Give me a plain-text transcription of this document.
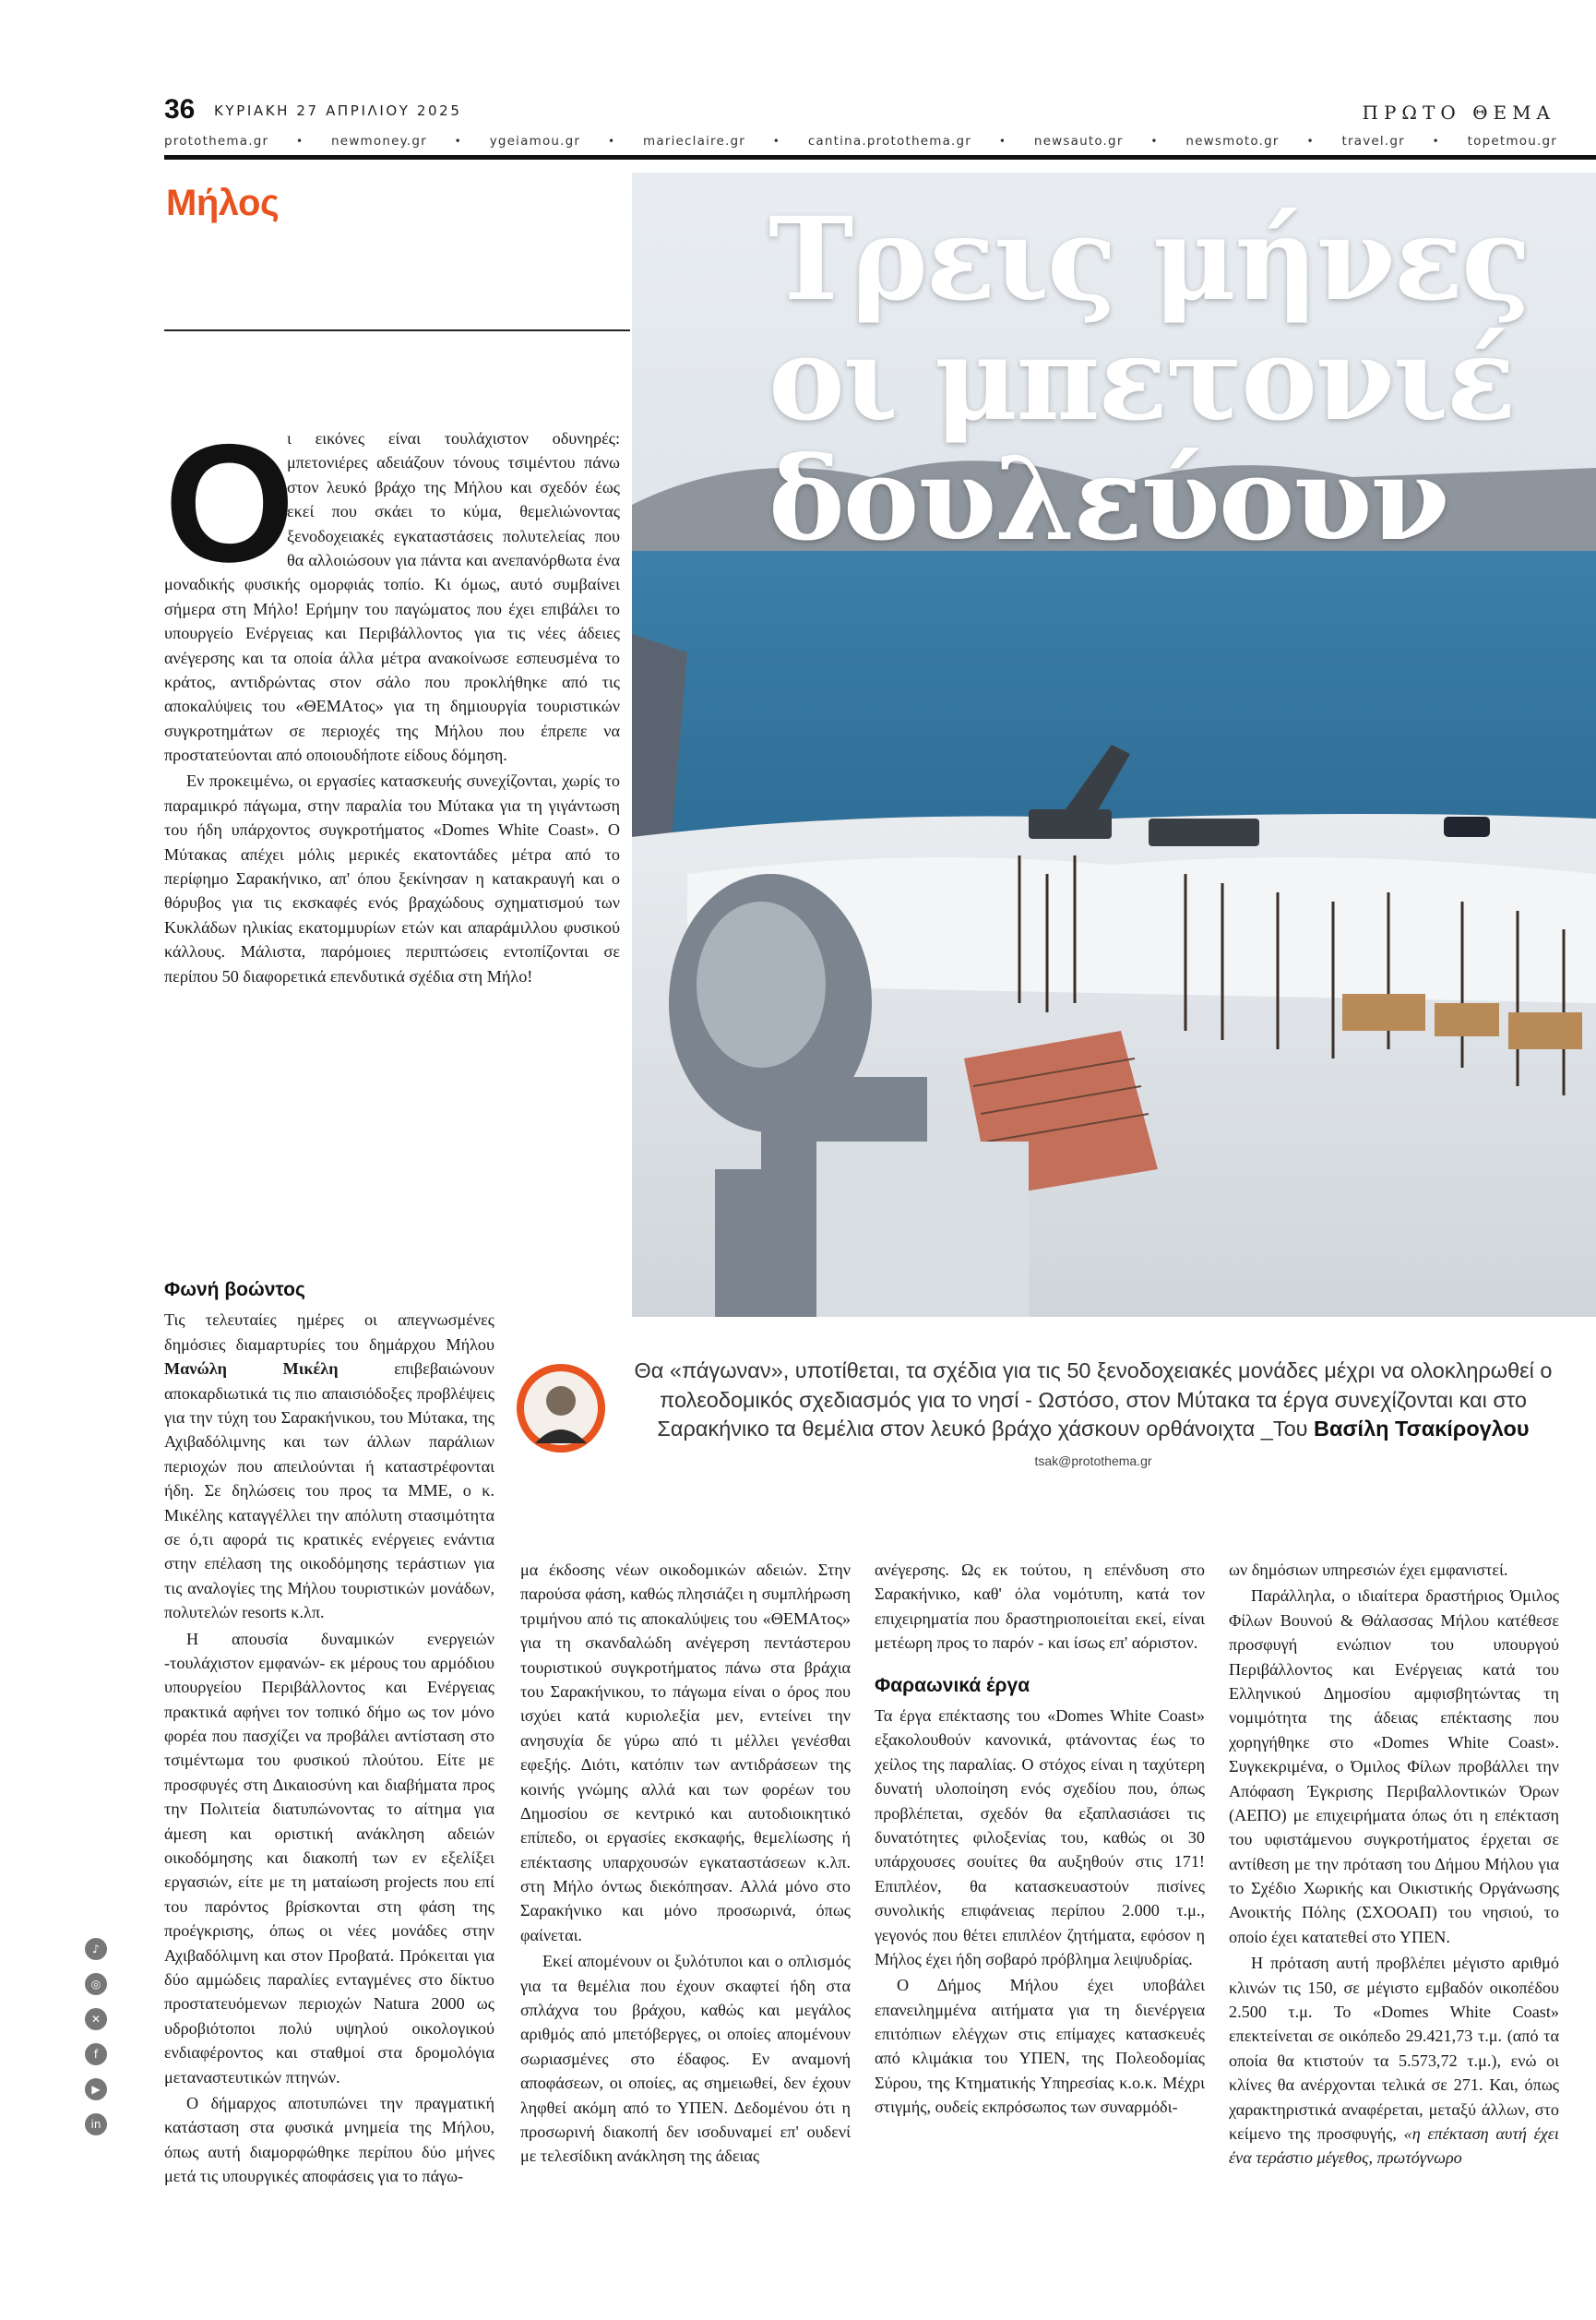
36 ΚΥΡΙΑΚΗ 27 ΑΠΡΙΛΙΟΥ 2025	ΠΡΩΤΟ ΘΕΜΑ
protothema.gr • newmoney.gr • ygeiamou.gr • marieclaire.gr • cantina.protothema.gr • newsauto.gr • newsmoto.gr • travel.gr • topetmou.gr
Μήλος	Τρεις μήνες
οι μπετονιέ
δουλεύουν
Θα «πάγωναν», υποτίθεται, τα σχέδια για τις 50 ξενοδοχειακές μονάδες μέχρι να ολοκληρωθεί ο πολεοδομικός σχεδιασμός για το νησί - Ωστόσο, στον Μύτακα τα έργα συνεχίζονται και στο Σαρακήνικο τα θεμέλια στον λευκό βράχο χάσκουν ορθάνοιχτα _Του Βασίλη Τσακίρογλου tsak@protothema.gr
Ο

ι εικόνες είναι τουλάχιστον οδυνηρές: μπετονιέρες αδειάζουν τόνους τσιμέντου πάνω στον λευκό βράχο της Μήλου και σχεδόν έως εκεί που σκάει το κύμα, θεμελιώνοντας ξενοδοχειακές εγκαταστάσεις πολυτελείας που θα αλλοιώσουν για πάντα και ανεπανόρθωτα ένα μοναδικής φυσικής ομορφιάς τοπίο. Κι όμως, αυτό συμβαίνει σήμερα στη Μήλο! Ερήμην του παγώματος που έχει επιβάλει το υπουργείο Ενέργειας και Περιβάλλοντος για τις νέες άδειες ανέγερσης και τα οποία άλλα μέτρα ανακοίνωσε εσπευσμένα το κράτος, αντιδρώντας στον σάλο που προκλήθηκε από τις αποκαλύψεις του «ΘΕΜΑτος» για τη δημιουργία τουριστικών συγκροτημάτων σε περιοχές της Μήλου που έπρεπε να προστατεύονται από οποιουδήποτε είδους δόμηση.

Εν προκειμένω, οι εργασίες κατασκευής συνεχίζονται, χωρίς το παραμικρό πάγωμα, στην παραλία του Μύτακα για τη γιγάντωση του ήδη υπάρχοντος συγκροτήματος «Domes White Coast». Ο Μύτακας απέχει μόλις μερικές εκατοντάδες μέτρα από το περίφημο Σαρακήνικο, απ' όπου ξεκίνησαν η κατακραυγή και ο θόρυβος για τις εκσκαφές ενός βραχώδους σχηματισμού των Κυκλάδων ηλικίας εκατομμυρίων ετών και απαράμιλλου φυσικού κάλλους. Μάλιστα, παρόμοιες περιπτώσεις εντοπίζονται σε περίπου 50 διαφορετικά επενδυτικά σχέδια στη Μήλο!

Φωνή βοώντος

Τις τελευταίες ημέρες οι απεγνωσμένες δημόσιες διαμαρτυρίες του δημάρχου Μήλου Μανώλη Μικέλη επιβεβαιώνουν αποκαρδιωτικά τις πιο απαισιόδοξες προβλέψεις για την τύχη του Σαρακήνικου, του Μύτακα, της Αχιβαδόλιμνης και των άλλων παράλιων περιοχών που απειλούνται ή καταστρέφονται ήδη. Σε δηλώσεις του προς τα ΜΜΕ, ο κ. Μικέλης καταγγέλλει την απόλυτη στασιμότητα σε ό,τι αφορά τις κρατικές ενέργειες ενάντια στην επέλαση της οικοδόμησης τεράστιων για τις αναλογίες της Μήλου τουριστικών μονάδων, πολυτελών resorts κ.λπ.

Η απουσία δυναμικών ενεργειών -τουλάχιστον εμφανών- εκ μέρους του αρμόδιου υπουργείου Περιβάλλοντος και Ενέργειας πρακτικά αφήνει τον τοπικό δήμο ως τον μόνο φορέα που πασχίζει να προβάλει αντίσταση στο τσιμέντωμα του φυσικού πλούτου. Είτε με προσφυγές στη Δικαιοσύνη και διαβήματα προς την Πολιτεία διατυπώνοντας το αίτημα για άμεση και οριστική ανάκληση αδειών οικοδόμησης και διακοπή των εν εξελίξει εργασιών, είτε με τη ματαίωση projects που επί του παρόντος βρίσκονται στη φάση της προέγκρισης, όπως οι νέες μονάδες στην Αχιβαδόλιμνη και στον Προβατά. Πρόκειται για δύο αμμώδεις παραλίες ενταγμένες στο δίκτυο προστατευόμενων περιοχών Natura 2000 ως υδροβιότοποι πολύ υψηλού οικολογικού ενδιαφέροντος και σταθμοί στα δρομολόγια μεταναστευτικών πτηνών.

Ο δήμαρχος αποτυπώνει την πραγματική κατάσταση στα φυσικά μνημεία της Μήλου, όπως αυτή διαμορφώθηκε περίπου δύο μήνες μετά τις υπουργικές αποφάσεις για το πάγω-

μα έκδοσης νέων οικοδομικών αδειών. Στην παρούσα φάση, καθώς πλησιάζει η συμπλήρωση τριμήνου από τις αποκαλύψεις του «ΘΕΜΑτος» για τη σκανδαλώδη ανέγερση πεντάστερου τουριστικού συγκροτήματος πάνω στα βράχια του Σαρακήνικου, το πάγωμα είναι ο όρος που ισχύει κατά κυριολεξία μεν, εντείνει την ανησυχία δε γύρω από τι μέλλει γενέσθαι εφεξής. Διότι, κατόπιν των αντιδράσεων της κοινής γνώμης αλλά και των φορέων του Δημοσίου σε κεντρικό και αυτοδιοικητικό επίπεδο, οι εργασίες εκσκαφής, θεμελίωσης ή επέκτασης υπαρχουσών εγκαταστάσεων κ.λπ. στη Μήλο όντως διεκόπησαν. Αλλά μόνο στο Σαρακήνικο και μόνο προσωρινά, όπως φαίνεται.

Εκεί απομένουν οι ξυλότυποι και ο οπλισμός για τα θεμέλια που έχουν σκαφτεί ήδη στα σπλάχνα του βράχου, καθώς και μεγάλος αριθμός από μπετόβεργες, οι οποίες απομένουν σωριασμένες στο έδαφος. Εν αναμονή αποφάσεων, οι οποίες, ας σημειωθεί, δεν έχουν ληφθεί ακόμη από το ΥΠΕΝ. Δεδομένου ότι η προσωρινή διακοπή δεν ισοδυναμεί επ' ουδενί με τελεσίδικη ανάκληση της άδειας

ανέγερσης. Ως εκ τούτου, η επένδυση στο Σαρακήνικο, καθ' όλα νομότυπη, κατά τον επιχειρηματία που δραστηριοποιείται εκεί, είναι μετέωρη προς το παρόν - και ίσως επ' αόριστον.

Φαραωνικά έργα

Τα έργα επέκτασης του «Domes White Coast» εξακολουθούν κανονικά, φτάνοντας έως το χείλος της παραλίας. Ο στόχος είναι η ταχύτερη δυνατή υλοποίηση ενός σχεδίου που, όπως προβλέπεται, σχεδόν θα εξαπλασιάσει τις δυνατότητες φιλοξενίας του, καθώς οι 30 υπάρχουσες σουίτες θα αυξηθούν στις 171! Επιπλέον, θα κατασκευαστούν πισίνες συνολικής επιφάνειας περίπου 2.000 τ.μ., γεγονός που θέτει επιπλέον ζητήματα, εφόσον η Μήλος έχει ήδη σοβαρό πρόβλημα λειψυδρίας.

Ο Δήμος Μήλου έχει υποβάλει επανειλημμένα αιτήματα για τη διενέργεια επιτόπιων ελέγχων στις επίμαχες κατασκευές από κλιμάκια του ΥΠΕΝ, της Πολεοδομίας Σύρου, της Κτηματικής Υπηρεσίας κ.ο.κ. Μέχρι στιγμής, ουδείς εκπρόσωπος των συναρμόδι-

ων δημόσιων υπηρεσιών έχει εμφανιστεί.

Παράλληλα, ο ιδιαίτερα δραστήριος Όμιλος Φίλων Βουνού & Θάλασσας Μήλου κατέθεσε προσφυγή ενώπιον του υπουργού Περιβάλλοντος και Ενέργειας κατά του Ελληνικού Δημοσίου αμφισβητώντας τη νομιμότητα της άδειας επέκτασης που χορηγήθηκε στο «Domes White Coast». Συγκεκριμένα, ο Όμιλος Φίλων προβάλλει την Απόφαση Έγκρισης Περιβαλλοντικών Όρων (ΑΕΠΟ) με επιχειρήματα όπως ότι η επέκταση του υφιστάμενου συγκροτήματος έρχεται σε αντίθεση με την πρόταση του Δήμου Μήλου για το Σχέδιο Χωρικής και Οικιστικής Οργάνωσης Ανοικτής Πόλης (ΣΧΟΟΑΠ) του νησιού, το οποίο έχει κατατεθεί στο ΥΠΕΝ.

Η πρόταση αυτή προβλέπει μέγιστο αριθμό κλινών τις 150, σε μέγιστο εμβαδόν οικοπέδου 2.500 τ.μ. Το «Domes White Coast» επεκτείνεται σε οικόπεδο 29.421,73 τ.μ. (από τα οποία θα κτιστούν τα 5.573,72 τ.μ.), ενώ οι κλίνες θα ανέρχονται τελικά σε 271. Και, όπως χαρακτηριστικά αναφέρεται, μεταξύ άλλων, στο κείμενο της προσφυγής, «η επέκταση αυτή έχει ένα τεράστιο μέγεθος, πρωτόγνωρο

♪
◎
✕
f
▶
in
